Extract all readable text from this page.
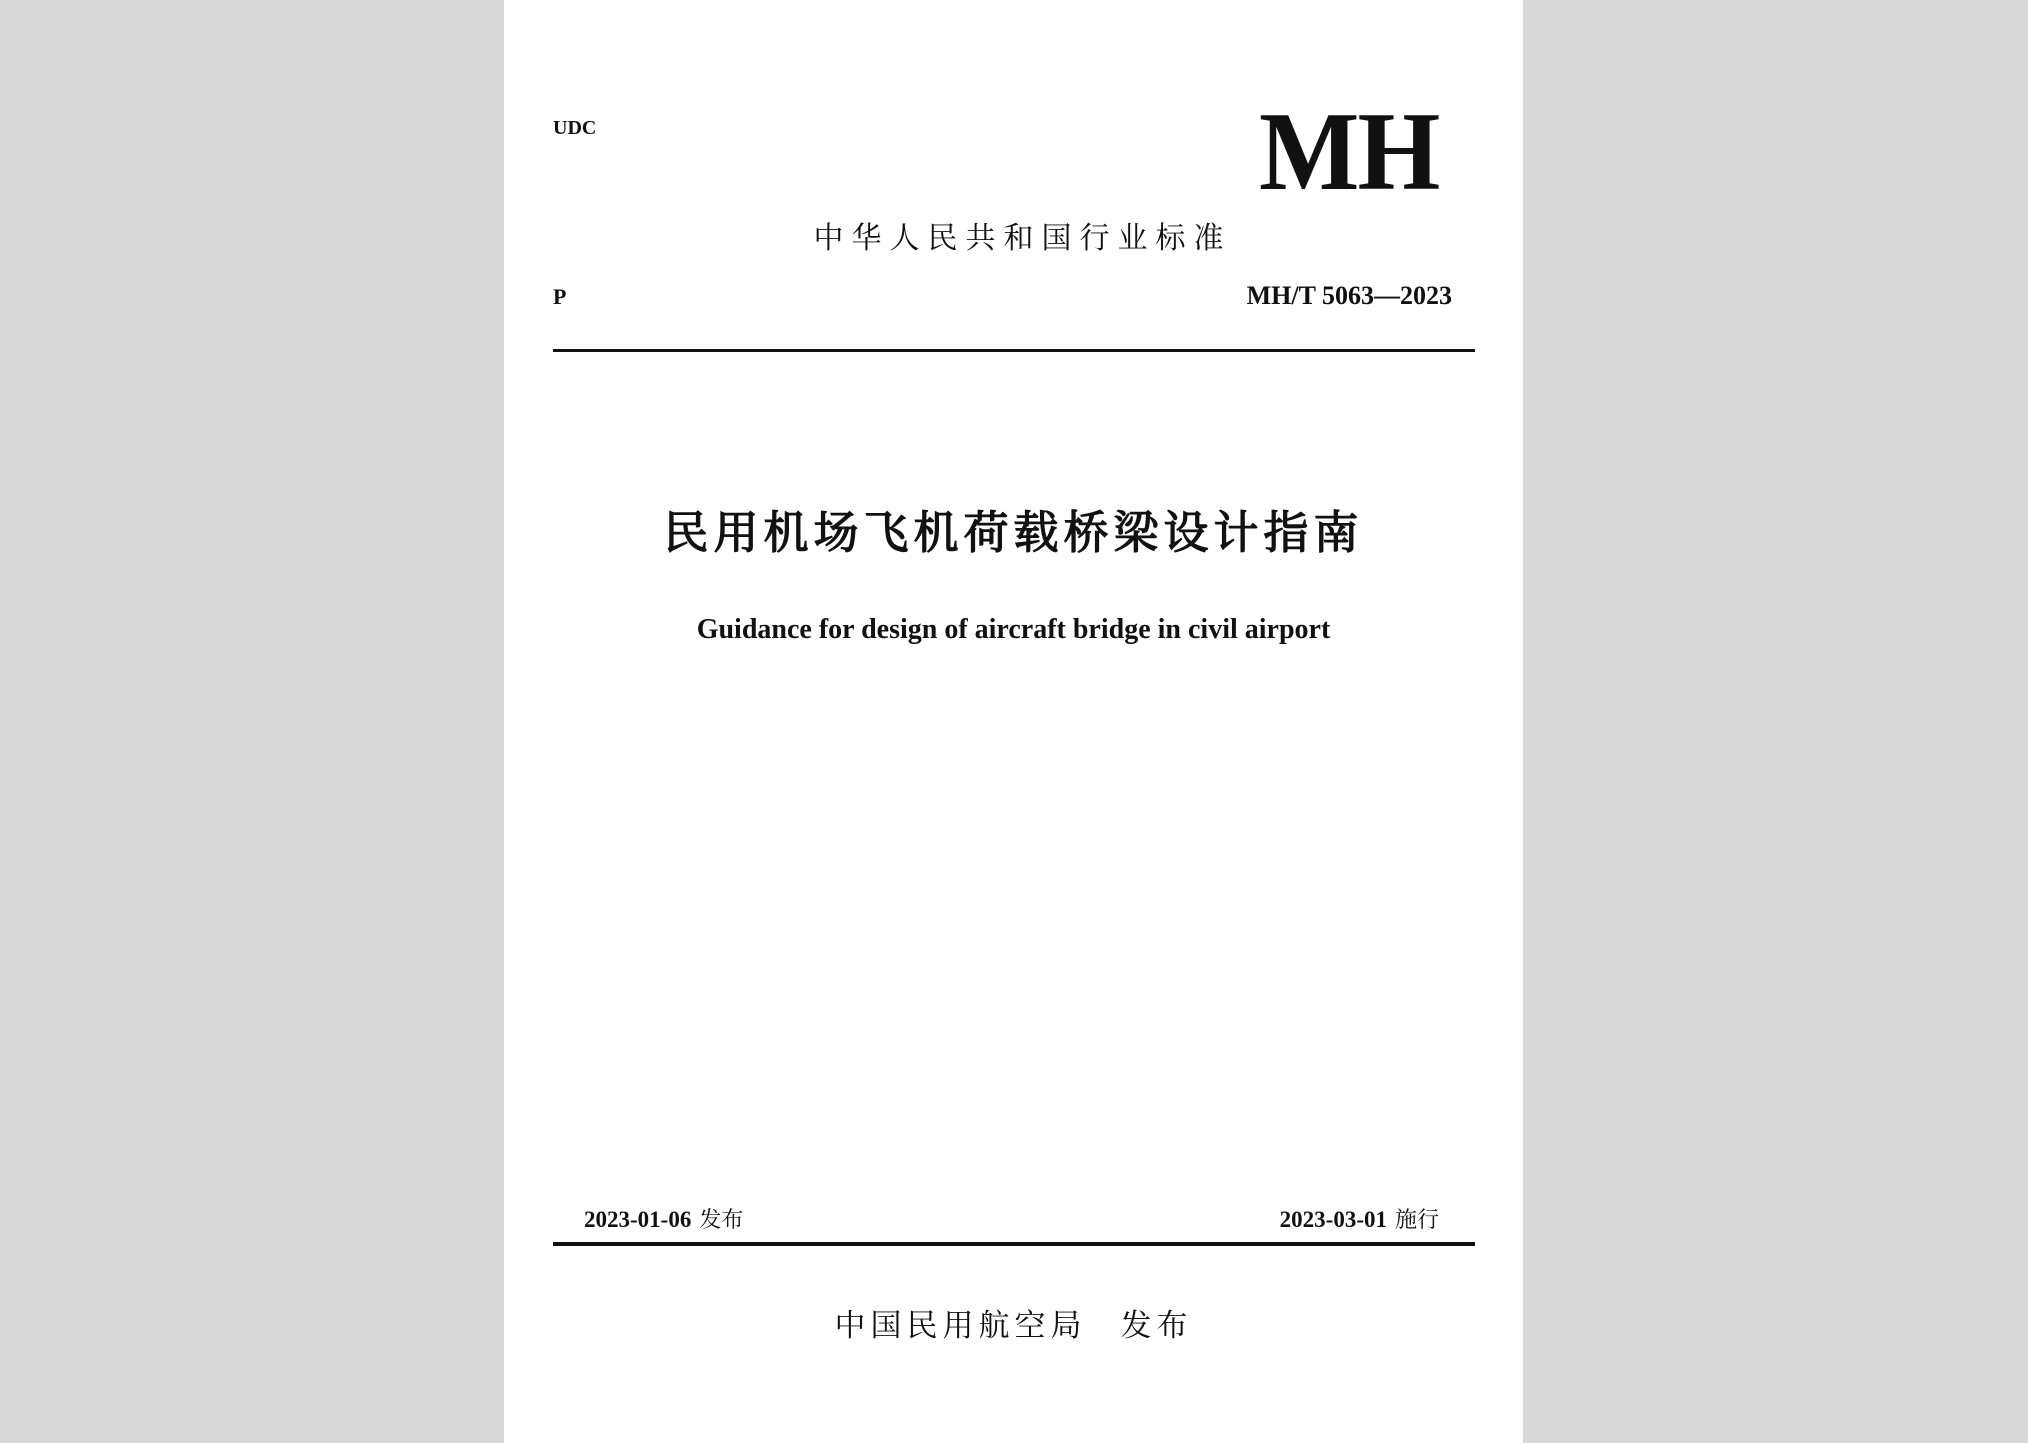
UDC	MH
中华人民共和国行业标准
P	MH/T 5063—2023
民用机场飞机荷载桥梁设计指南
Guidance for design of aircraft bridge in civil airport
2023-01-06 发布	2023-03-01 施行
中国民用航空局 发布
